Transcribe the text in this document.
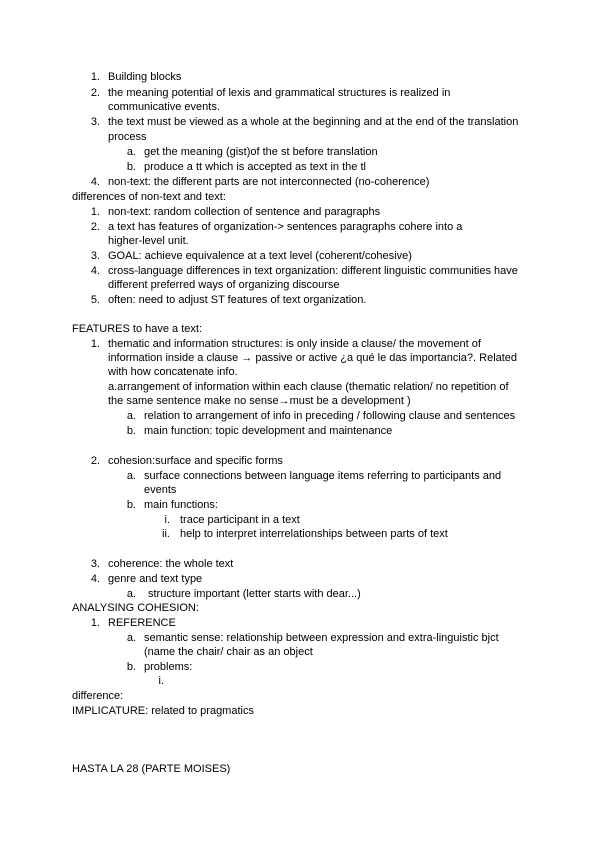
1. Building blocks
2. the meaning potential of lexis and grammatical structures is realized in
communicative events.
3. the text must be viewed as a whole at the beginning and at the end of the translation
process
a. get the meaning (gist)of the st before translation
b. produce a tt which is accepted as text in the tl
4. non-text: the different parts are not interconnected (no-coherence)
differences of non-text and text:
1. non-text: random collection of sentence and paragraphs
2. a text has features of organization-> sentences paragraphs cohere into a
higher-level unit.
3. GOAL: achieve equivalence at a text level (coherent/cohesive)
4. cross-language differences in text organization: different linguistic communities have
different preferred ways of organizing discourse
5. often: need to adjust ST features of text organization.
FEATURES to have a text:
1. thematic and information structures: is only inside a clause/ the movement of
information inside a clause → passive or active ¿a qué le das importancia?. Related
with how concatenate info.
a.arrangement of information within each clause (thematic relation/ no repetition of
the same sentence make no sense→must be a development )
a. relation to arrangement of info in preceding / following clause and sentences
b. main function: topic development and maintenance
2. cohesion:surface and specific forms
a. surface connections between language items referring to participants and
events
b. main functions:
i. trace participant in a text
ii. help to interpret interrelationships between parts of text
3. coherence: the whole text
4. genre and text type
a. structure important (letter starts with dear...)
ANALYSING COHESION:
1. REFERENCE
a. semantic sense: relationship between expression and extra-linguistic bjct
(name the chair/ chair as an object
b. problems:
i.
difference:
IMPLICATURE: related to pragmatics
HASTA LA 28 (PARTE MOISES)
